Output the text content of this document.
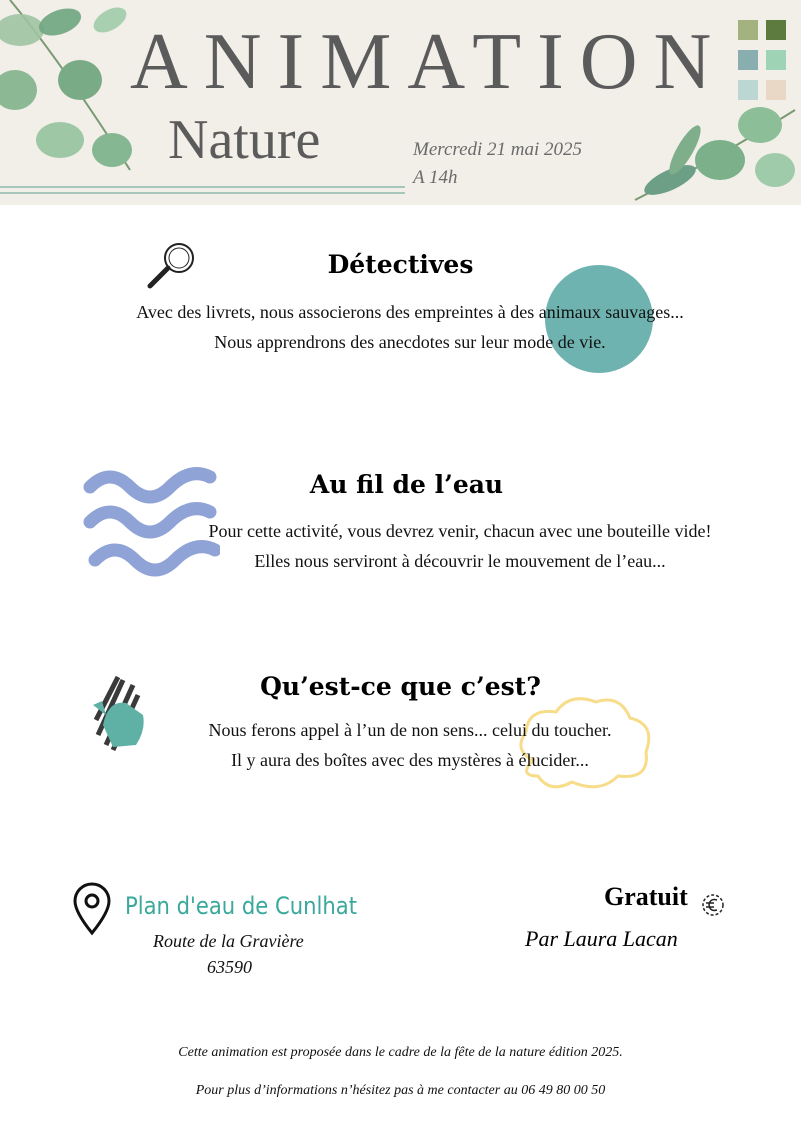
ANIMATION
Nature	Mercredi 21 mai 2025
A 14h
Détectives
Avec des livrets, nous associerons des empreintes à des animaux sauvages...
Nous apprendrons des anecdotes sur leur mode de vie.
Au fil de l’eau
Pour cette activité, vous devrez venir, chacun avec une bouteille vide!
Elles nous serviront à découvrir le mouvement de l’eau...
Qu’est-ce que c’est?
Nous ferons appel à l’un de non sens... celui du toucher.
Il y aura des boîtes avec des mystères à élucider...
Plan d'eau de Cunlhat
Route de la Gravière
63590
Gratuit
Par Laura Lacan
Cette animation est proposée dans le cadre de la fête de la nature édition 2025.
Pour plus d’informations n’hésitez pas à me contacter au 06 49 80 00 50
